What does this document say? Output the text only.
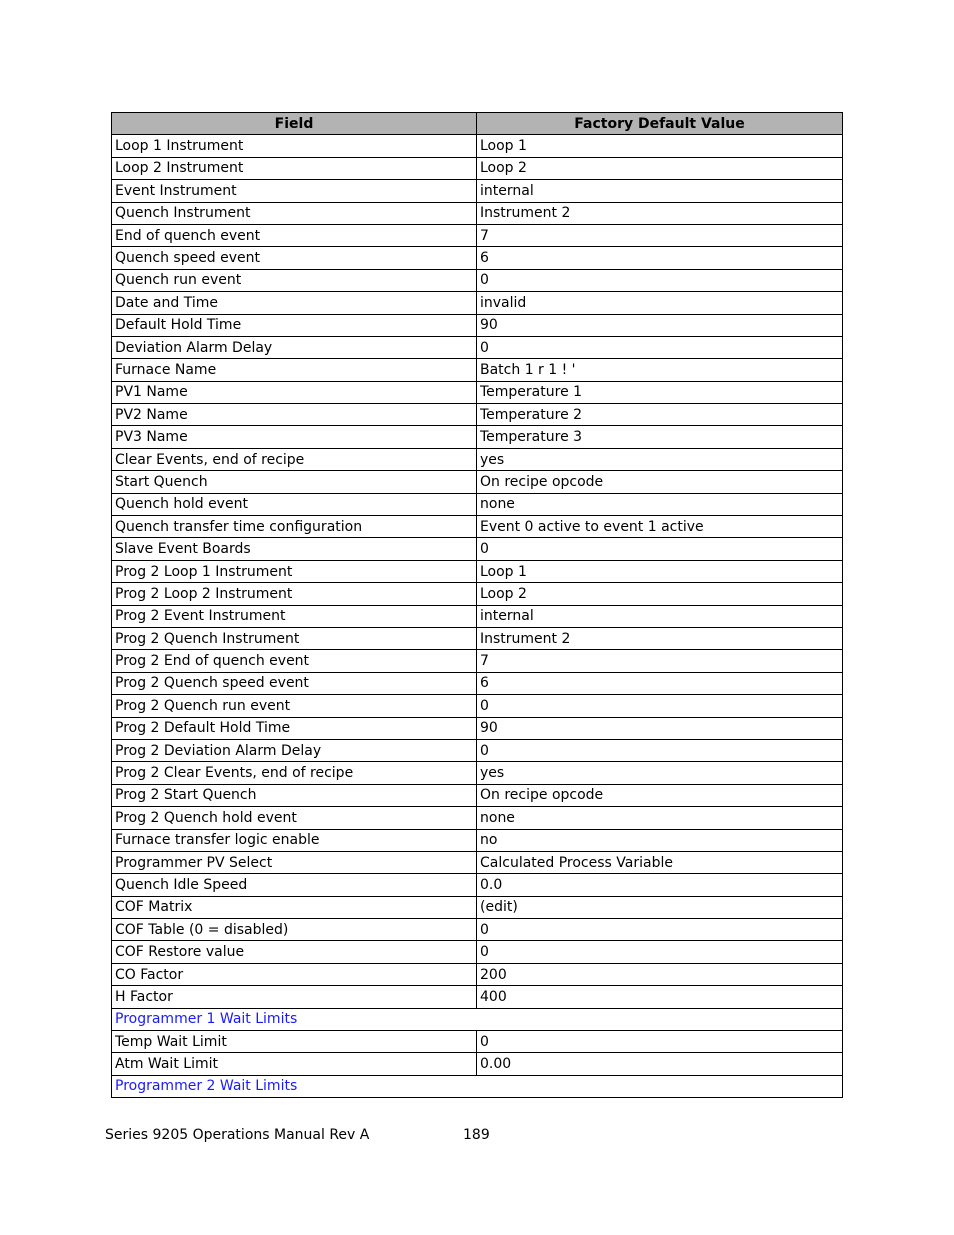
Field	Factory Default Value
Loop 1 Instrument	Loop 1
Loop 2 Instrument	Loop 2
Event Instrument	internal
Quench Instrument	Instrument 2
End of quench event	7
Quench speed event	6
Quench run event	0
Date and Time	invalid
Default Hold Time	90
Deviation Alarm Delay	0
Furnace Name	Batch 1 r 1 ! '
PV1 Name	Temperature 1
PV2 Name	Temperature 2
PV3 Name	Temperature 3
Clear Events, end of recipe	yes
Start Quench	On recipe opcode
Quench hold event	none
Quench transfer time configuration	Event 0 active to event 1 active
Slave Event Boards	0
Prog 2 Loop 1 Instrument	Loop 1
Prog 2 Loop 2 Instrument	Loop 2
Prog 2 Event Instrument	internal
Prog 2 Quench Instrument	Instrument 2
Prog 2 End of quench event	7
Prog 2 Quench speed event	6
Prog 2 Quench run event	0
Prog 2 Default Hold Time	90
Prog 2 Deviation Alarm Delay	0
Prog 2 Clear Events, end of recipe	yes
Prog 2 Start Quench	On recipe opcode
Prog 2 Quench hold event	none
Furnace transfer logic enable	no
Programmer PV Select	Calculated Process Variable
Quench Idle Speed	0.0
COF Matrix	(edit)
COF Table (0 = disabled)	0
COF Restore value	0
CO Factor	200
H Factor	400
Programmer 1 Wait Limits	
Temp Wait Limit	0
Atm Wait Limit	0.00
Programmer 2 Wait Limits	
Series 9205 Operations Manual Rev A	189
